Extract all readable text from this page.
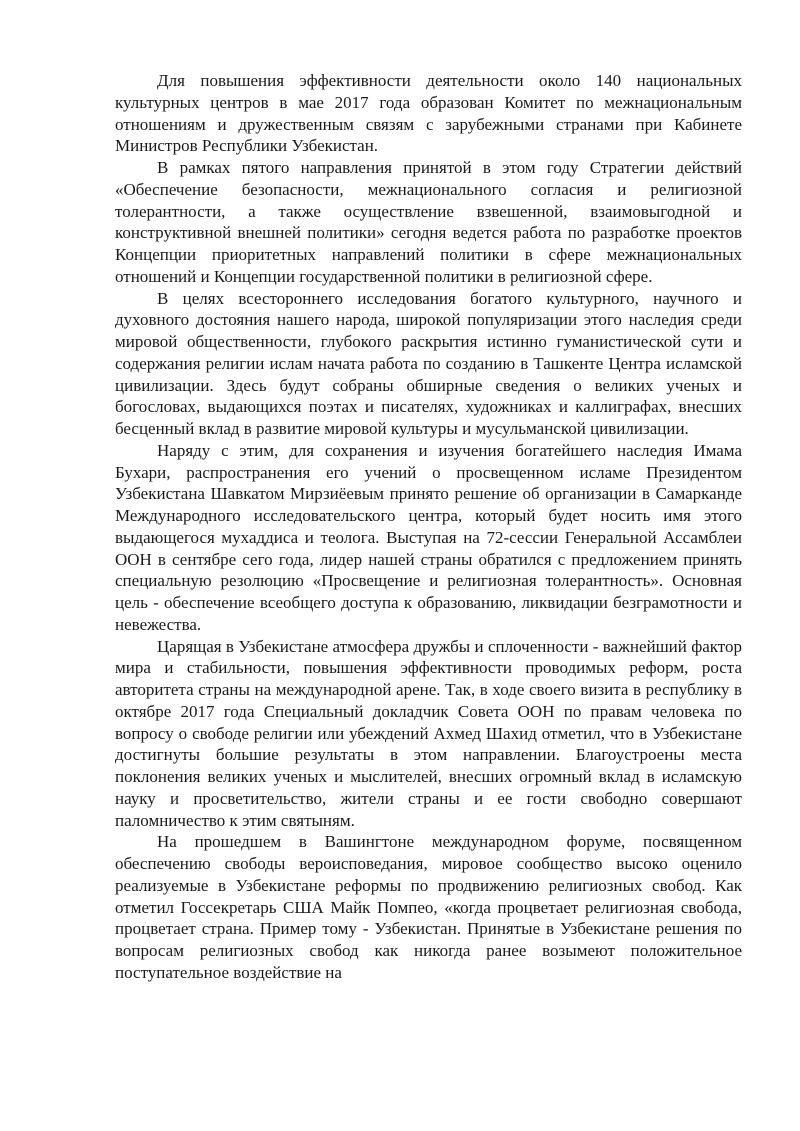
Для повышения эффективности деятельности около 140 национальных культурных центров в мае 2017 года образован Комитет по межнациональным отношениям и дружественным связям с зарубежными странами при Кабинете Министров Республики Узбекистан.

В рамках пятого направления принятой в этом году Стратегии действий «Обеспечение безопасности, межнационального согласия и религиозной толерантности, а также осуществление взвешенной, взаимовыгодной и конструктивной внешней политики» сегодня ведется работа по разработке проектов Концепции приоритетных направлений политики в сфере межнациональных отношений и Концепции государственной политики в религиозной сфере.

В целях всестороннего исследования богатого культурного, научного и духовного достояния нашего народа, широкой популяризации этого наследия среди мировой общественности, глубокого раскрытия истинно гуманистической сути и содержания религии ислам начата работа по созданию в Ташкенте Центра исламской цивилизации. Здесь будут собраны обширные сведения о великих ученых и богословах, выдающихся поэтах и писателях, художниках и каллиграфах, внесших бесценный вклад в развитие мировой культуры и мусульманской цивилизации.

Наряду с этим, для сохранения и изучения богатейшего наследия Имама Бухари, распространения его учений о просвещенном исламе Президентом Узбекистана Шавкатом Мирзиёевым принято решение об организации в Самарканде Международного исследовательского центра, который будет носить имя этого выдающегося мухаддиса и теолога. Выступая на 72-сессии Генеральной Ассамблеи ООН в сентябре сего года, лидер нашей страны обратился с предложением принять специальную резолюцию «Просвещение и религиозная толерантность». Основная цель - обеспечение всеобщего доступа к образованию, ликвидации безграмотности и невежества.

Царящая в Узбекистане атмосфера дружбы и сплоченности - важнейший фактор мира и стабильности, повышения эффективности проводимых реформ, роста авторитета страны на международной арене. Так, в ходе своего визита в республику в октябре 2017 года Специальный докладчик Совета ООН по правам человека по вопросу о свободе религии или убеждений Ахмед Шахид отметил, что в Узбекистане достигнуты большие результаты в этом направлении. Благоустроены места поклонения великих ученых и мыслителей, внесших огромный вклад в исламскую науку и просветительство, жители страны и ее гости свободно совершают паломничество к этим святыням.

На прошедшем в Вашингтоне международном форуме, посвященном обеспечению свободы вероисповедания, мировое сообщество высоко оценило реализуемые в Узбекистане реформы по продвижению религиозных свобод. Как отметил Госсекретарь США Майк Помпео, «когда процветает религиозная свобода, процветает страна. Пример тому - Узбекистан. Принятые в Узбекистане решения по вопросам религиозных свобод как никогда ранее возымеют положительное поступательное воздействие на
